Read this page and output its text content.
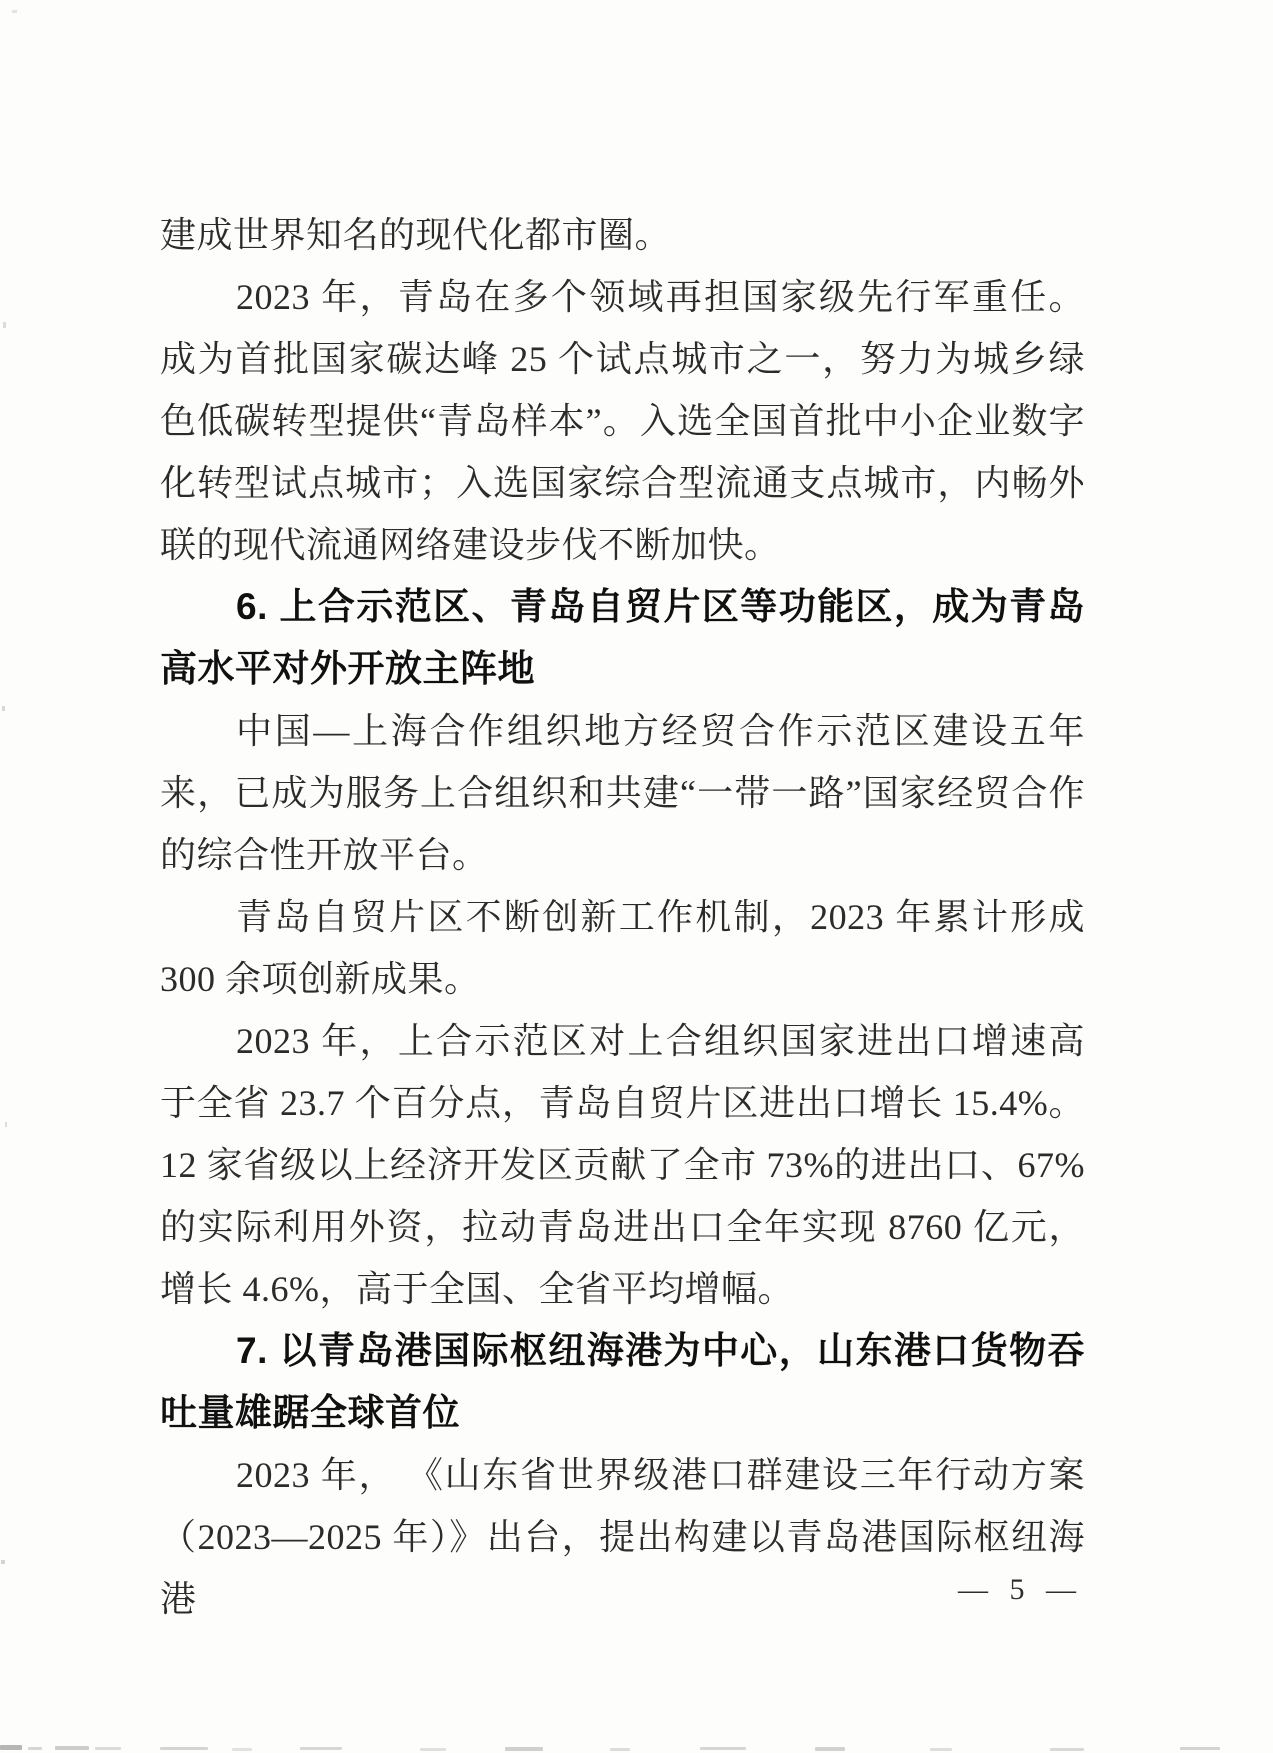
建成世界知名的现代化都市圈。

2023 年，青岛在多个领域再担国家级先行军重任。成为首批国家碳达峰 25 个试点城市之一，努力为城乡绿色低碳转型提供“青岛样本”。入选全国首批中小企业数字化转型试点城市；入选国家综合型流通支点城市，内畅外联的现代流通网络建设步伐不断加快。

6. 上合示范区、青岛自贸片区等功能区，成为青岛高水平对外开放主阵地

中国—上海合作组织地方经贸合作示范区建设五年来，已成为服务上合组织和共建“一带一路”国家经贸合作的综合性开放平台。

青岛自贸片区不断创新工作机制，2023 年累计形成 300 余项创新成果。

2023 年，上合示范区对上合组织国家进出口增速高于全省 23.7 个百分点，青岛自贸片区进出口增长 15.4%。12 家省级以上经济开发区贡献了全市 73%的进出口、67%的实际利用外资，拉动青岛进出口全年实现 8760 亿元，增长 4.6%，高于全国、全省平均增幅。

7. 以青岛港国际枢纽海港为中心，山东港口货物吞吐量雄踞全球首位

2023 年， 《山东省世界级港口群建设三年行动方案（2023—2025 年）》出台，提出构建以青岛港国际枢纽海港	— 5 —
